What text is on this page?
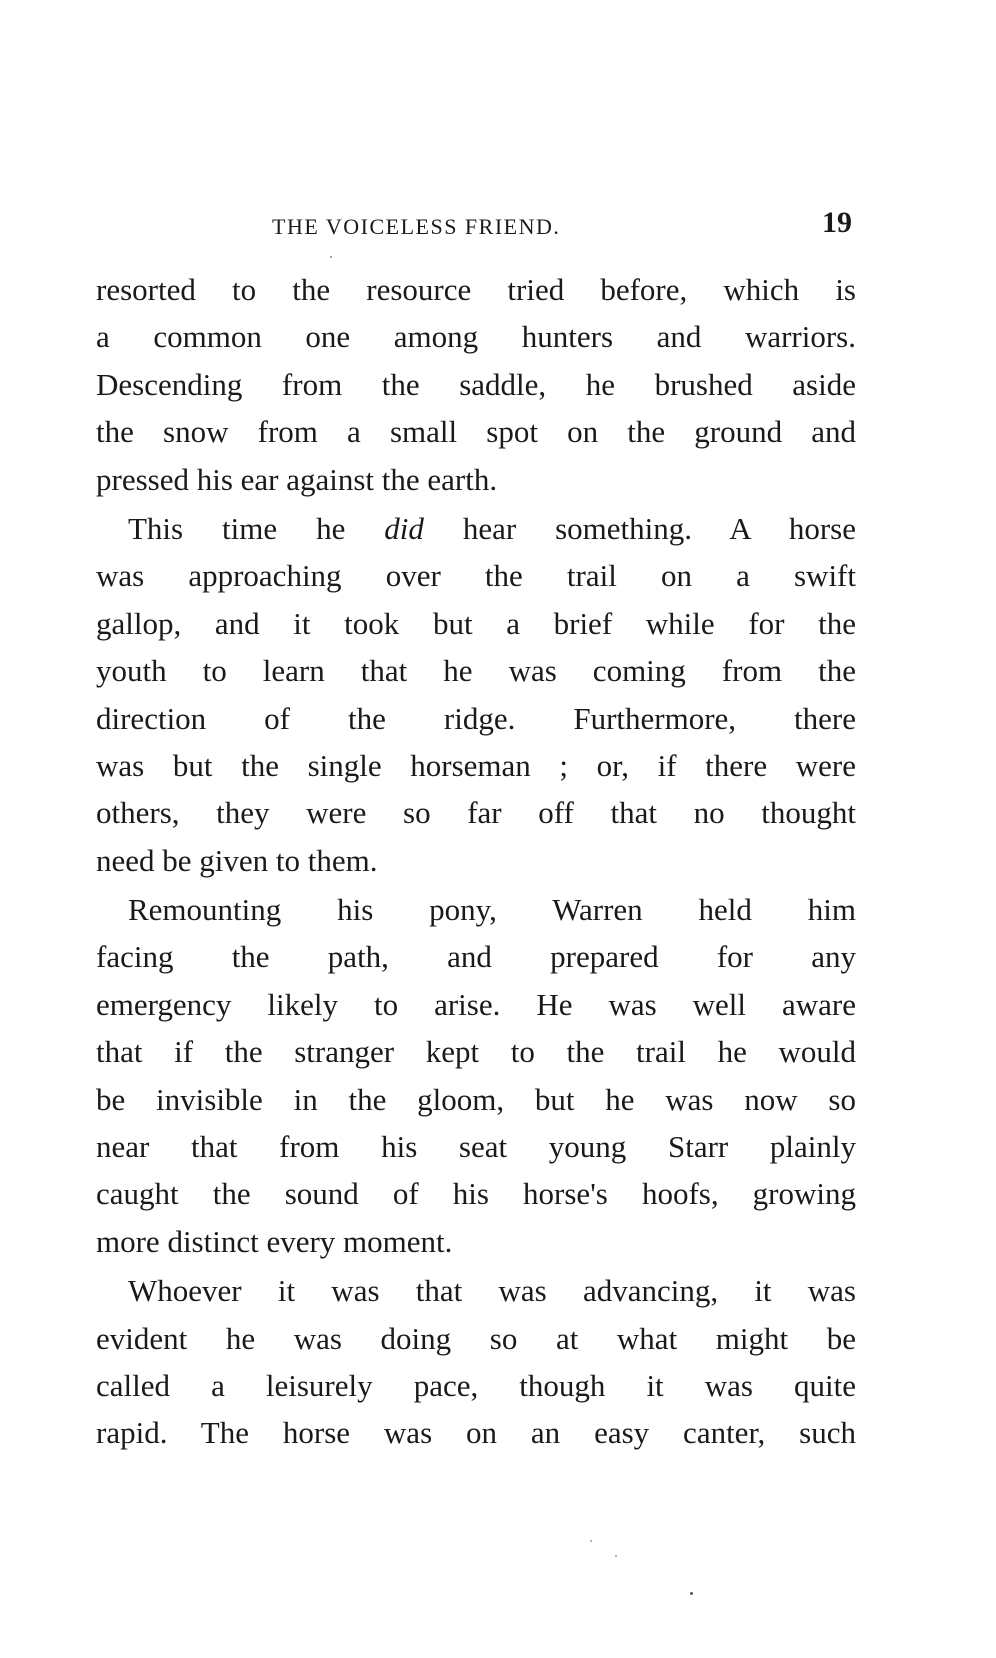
THE VOICELESS FRIEND.	19
resorted to the resource tried before, which is
a common one among hunters and warriors.
Descending from the saddle, he brushed aside
the snow from a small spot on the ground and
pressed his ear against the earth.
This time he did hear something. A horse
was approaching over the trail on a swift
gallop, and it took but a brief while for the
youth to learn that he was coming from the
direction of the ridge. Furthermore, there
was but the single horseman ; or, if there were
others, they were so far off that no thought
need be given to them.
Remounting his pony, Warren held him
facing the path, and prepared for any
emergency likely to arise. He was well aware
that if the stranger kept to the trail he would
be invisible in the gloom, but he was now so
near that from his seat young Starr plainly
caught the sound of his horse's hoofs, growing
more distinct every moment.
Whoever it was that was advancing, it was
evident he was doing so at what might be
called a leisurely pace, though it was quite
rapid. The horse was on an easy canter, such
